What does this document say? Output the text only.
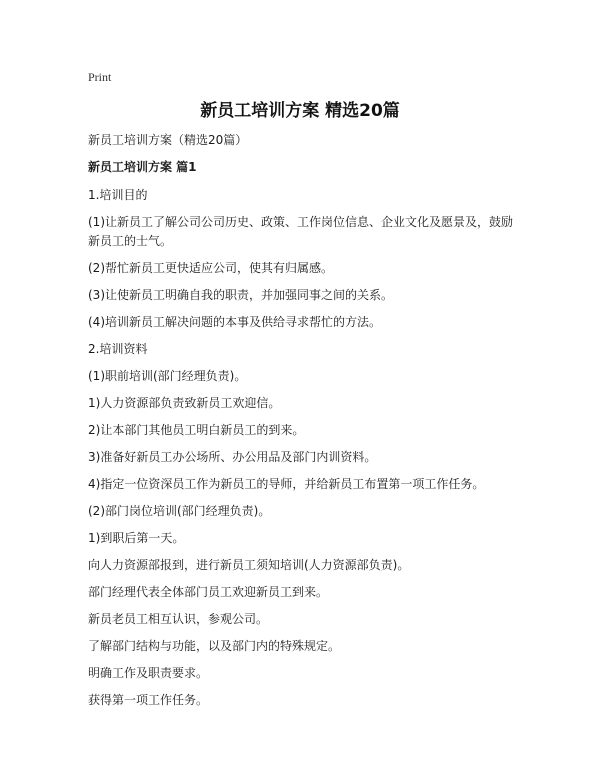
Print
新员工培训方案 精选20篇

新员工培训方案（精选20篇）

新员工培训方案 篇1

1.培训目的

(1)让新员工了解公司公司历史、政策、工作岗位信息、企业文化及愿景及，鼓励新员工的士气。

(2)帮忙新员工更快适应公司，使其有归属感。

(3)让使新员工明确自我的职责，并加强同事之间的关系。

(4)培训新员工解决问题的本事及供给寻求帮忙的方法。

2.培训资料

(1)职前培训(部门经理负责)。

1)人力资源部负责致新员工欢迎信。

2)让本部门其他员工明白新员工的到来。

3)准备好新员工办公场所、办公用品及部门内训资料。

4)指定一位资深员工作为新员工的导师，并给新员工布置第一项工作任务。

(2)部门岗位培训(部门经理负责)。

1)到职后第一天。

向人力资源部报到，进行新员工须知培训(人力资源部负责)。

部门经理代表全体部门员工欢迎新员工到来。

新员老员工相互认识，参观公司。

了解部门结构与功能，以及部门内的特殊规定。

明确工作及职责要求。

获得第一项工作任务。
